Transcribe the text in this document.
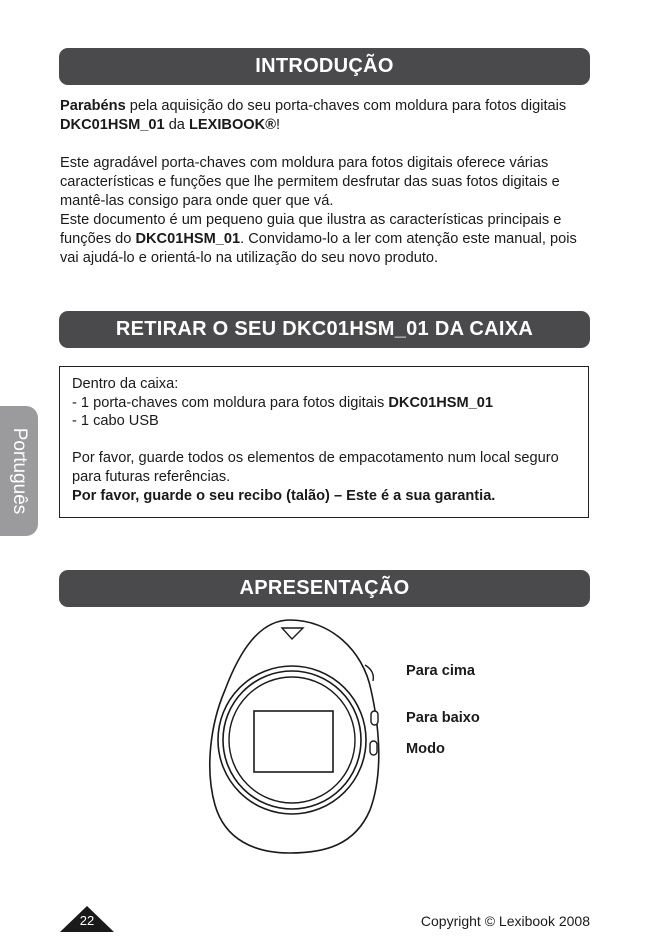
INTRODUÇÃO

Parabéns pela aquisição do seu porta-chaves com moldura para fotos digitais DKC01HSM_01 da LEXIBOOK®!

Este agradável porta-chaves com moldura para fotos digitais oferece várias características e funções que lhe permitem desfrutar das suas fotos digitais e mantê-las consigo para onde quer que vá.

Este documento é um pequeno guia que ilustra as características principais e funções do DKC01HSM_01. Convidamo-lo a ler com atenção este manual, pois vai ajudá-lo e orientá-lo na utilização do seu novo produto.

RETIRAR O SEU DKC01HSM_01 DA CAIXA

Dentro da caixa:

- 1 porta-chaves com moldura para fotos digitais DKC01HSM_01

- 1 cabo USB

Por favor, guarde todos os elementos de empacotamento num local seguro para futuras referências.

Por favor, guarde o seu recibo (talão) – Este é a sua garantia.

Português
APRESENTAÇÃO
Para cima
Para baixo
Modo
22	Copyright © Lexibook 2008
